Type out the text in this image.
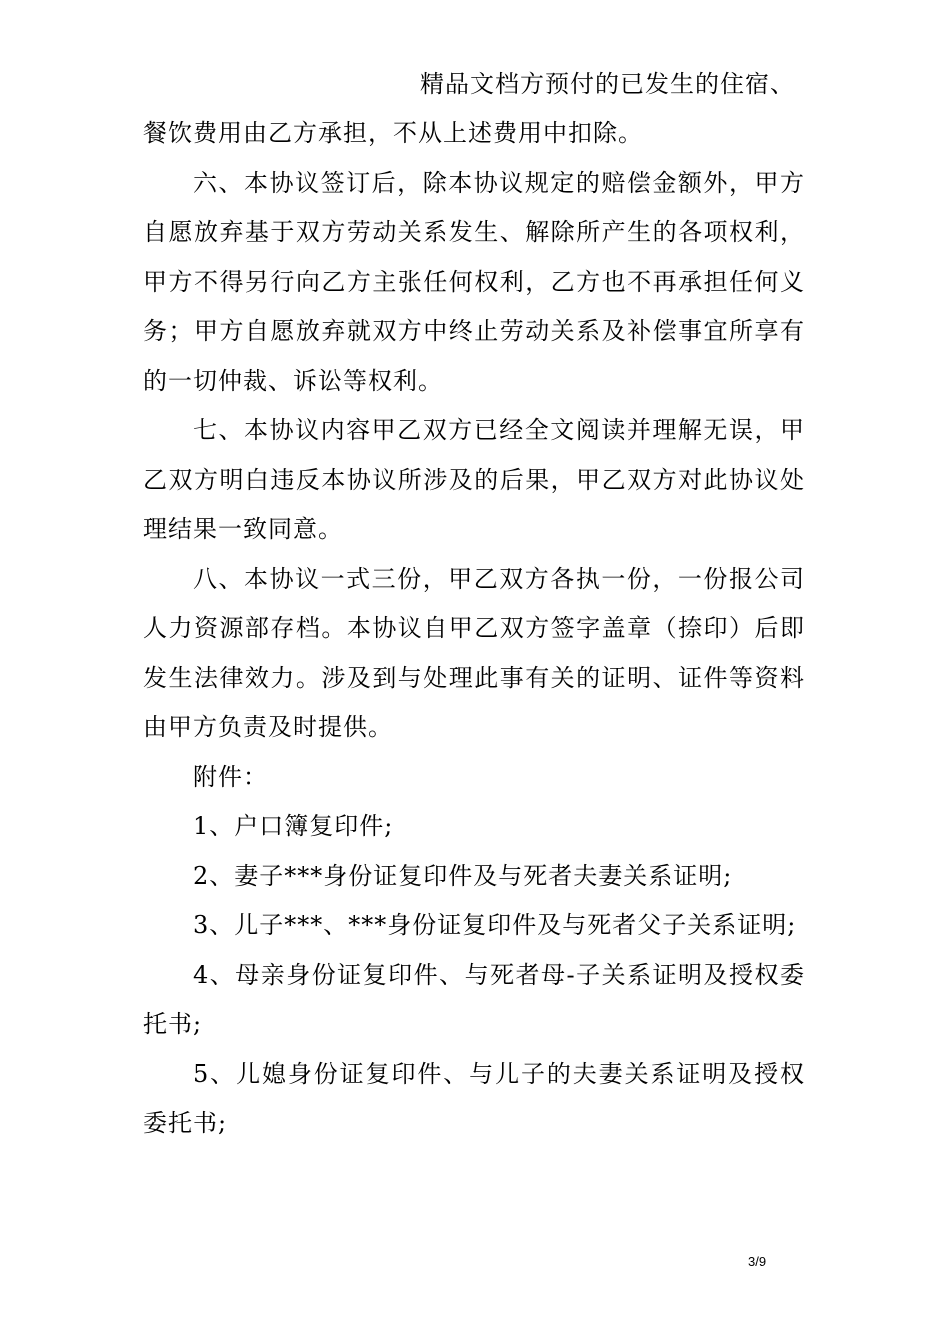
精品文档方预付的已发生的住宿、

餐饮费用由乙方承担，不从上述费用中扣除。

六、本协议签订后，除本协议规定的赔偿金额外，甲方自愿放弃基于双方劳动关系发生、解除所产生的各项权利，甲方不得另行向乙方主张任何权利，乙方也不再承担任何义务；甲方自愿放弃就双方中终止劳动关系及补偿事宜所享有的一切仲裁、诉讼等权利。

七、本协议内容甲乙双方已经全文阅读并理解无误，甲乙双方明白违反本协议所涉及的后果，甲乙双方对此协议处理结果一致同意。

八、本协议一式三份，甲乙双方各执一份，一份报公司人力资源部存档。本协议自甲乙双方签字盖章（捺印）后即发生法律效力。涉及到与处理此事有关的证明、证件等资料由甲方负责及时提供。

附件：

1、户口簿复印件;

2、妻子***身份证复印件及与死者夫妻关系证明;

3、儿子***、***身份证复印件及与死者父子关系证明;

4、母亲身份证复印件、与死者母-子关系证明及授权委托书;

5、儿媳身份证复印件、与儿子的夫妻关系证明及授权委托书;

3/9
